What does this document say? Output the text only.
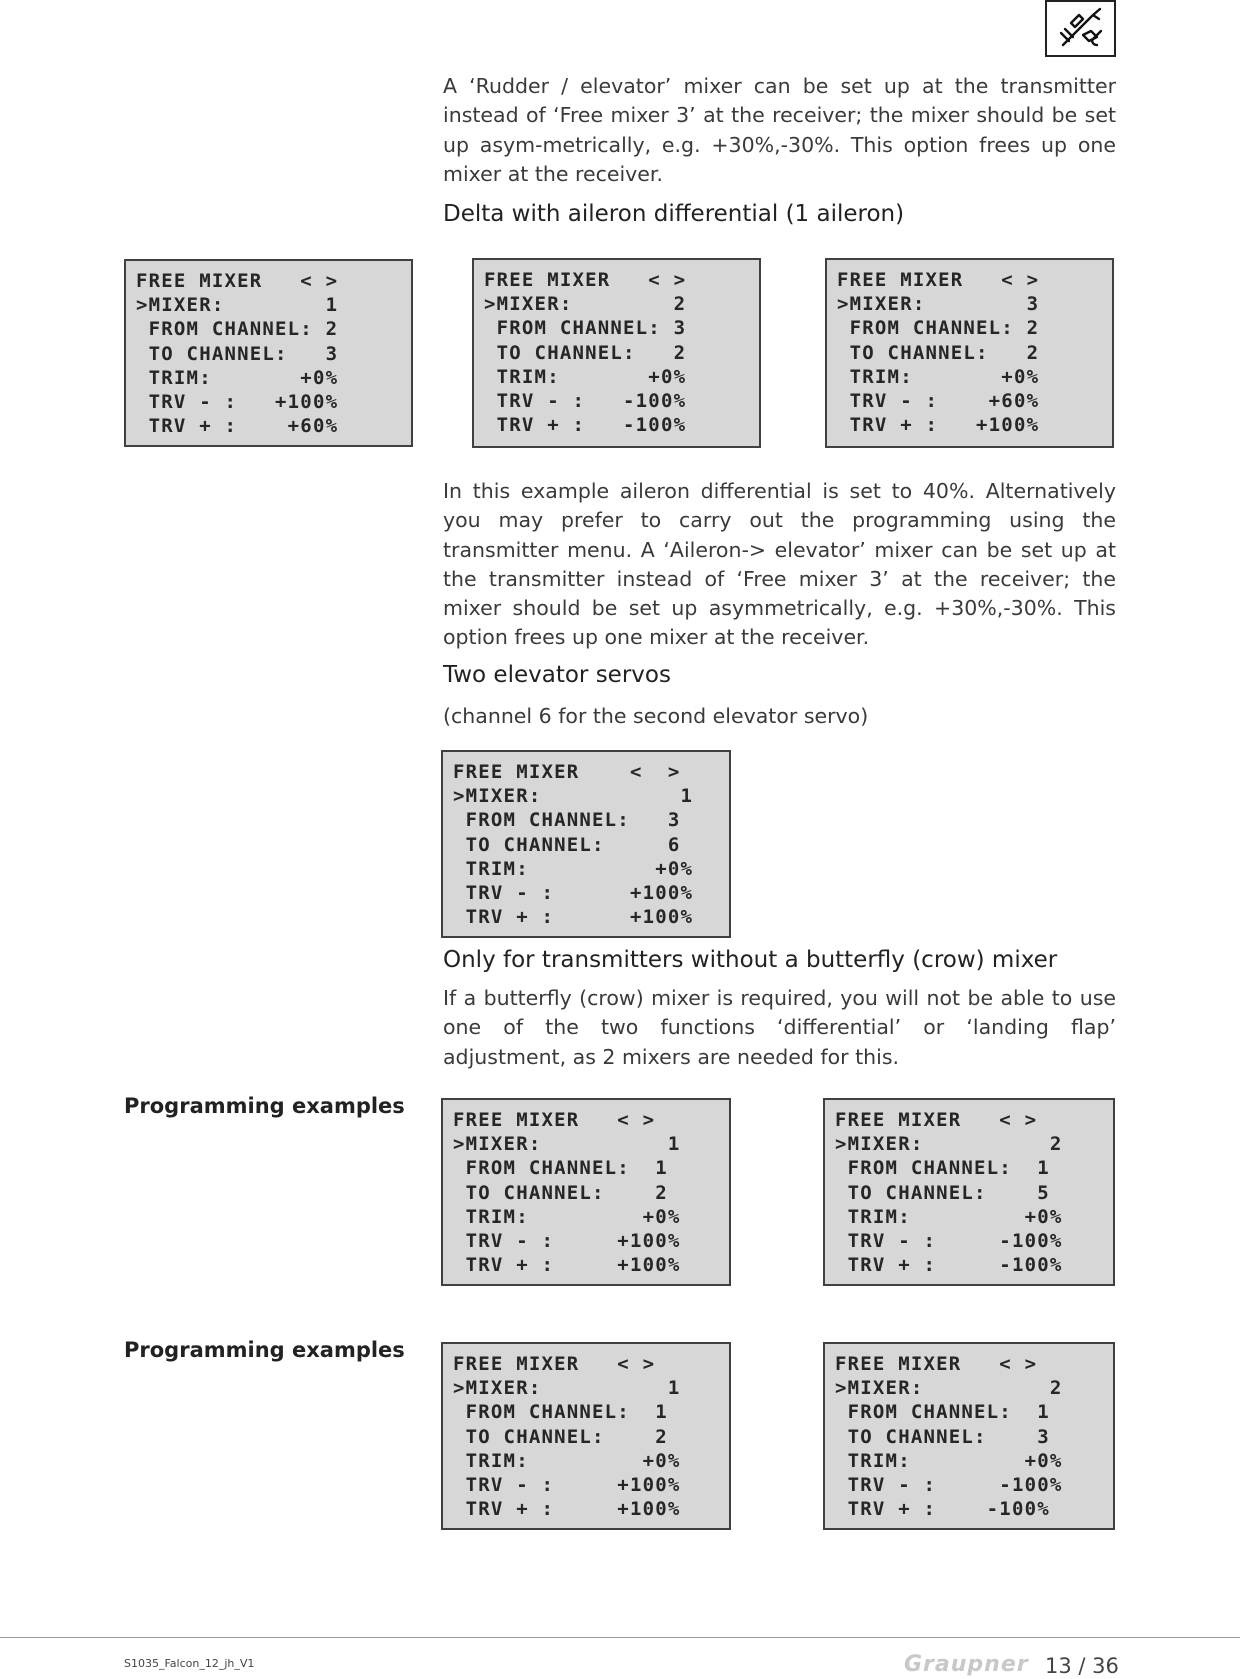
A ‘Rudder / elevator’ mixer can be set up at the transmitter instead of ‘Free mixer 3’ at the receiver; the mixer should be set up asym-metrically, e.g. +30%,-30%. This option frees up one mixer at the receiver.
Delta with aileron differential (1 aileron)
FREE MIXER   < >
>MIXER:        1
FROM CHANNEL: 2
TO CHANNEL:   3
TRIM:       +0%
TRV - :   +100%
TRV + :    +60%
FREE MIXER   < >
>MIXER:        2
FROM CHANNEL: 3
TO CHANNEL:   2
TRIM:       +0%
TRV - :   -100%
TRV + :   -100%
FREE MIXER   < >
>MIXER:        3
FROM CHANNEL: 2
TO CHANNEL:   2
TRIM:       +0%
TRV - :    +60%
TRV + :   +100%
In this example aileron differential is set to 40%. Alternatively you may prefer to carry out the programming using the transmitter menu. A ‘Aileron-> elevator’ mixer can be set up at the transmitter instead of ‘Free mixer 3’ at the receiver; the mixer should be set up asymmetrically, e.g. +30%,-30%. This option frees up one mixer at the receiver.
Two elevator servos
(channel 6 for the second elevator servo)
FREE MIXER    <  >
>MIXER:           1
FROM CHANNEL:   3
TO CHANNEL:     6
TRIM:          +0%
TRV - :      +100%
TRV + :      +100%
Only for transmitters without a butterfly (crow) mixer
If a butterfly (crow) mixer is required, you will not be able to use one of the two functions ‘differential’ or ‘landing flap’ adjustment, as 2 mixers are needed for this.
Programming examples
FREE MIXER   < >
>MIXER:          1
FROM CHANNEL:  1
TO CHANNEL:    2
TRIM:         +0%
TRV - :     +100%
TRV + :     +100%
FREE MIXER   < >
>MIXER:          2
FROM CHANNEL:  1
TO CHANNEL:    5
TRIM:         +0%
TRV - :     -100%
TRV + :     -100%
Programming examples
FREE MIXER   < >
>MIXER:          1
FROM CHANNEL:  1
TO CHANNEL:    2
TRIM:         +0%
TRV - :     +100%
TRV + :     +100%
FREE MIXER   < >
>MIXER:          2
FROM CHANNEL:  1
TO CHANNEL:    3
TRIM:         +0%
TRV - :     -100%
TRV + :    -100%
S1035_Falcon_12_jh_V1	Graupner 13 / 36
